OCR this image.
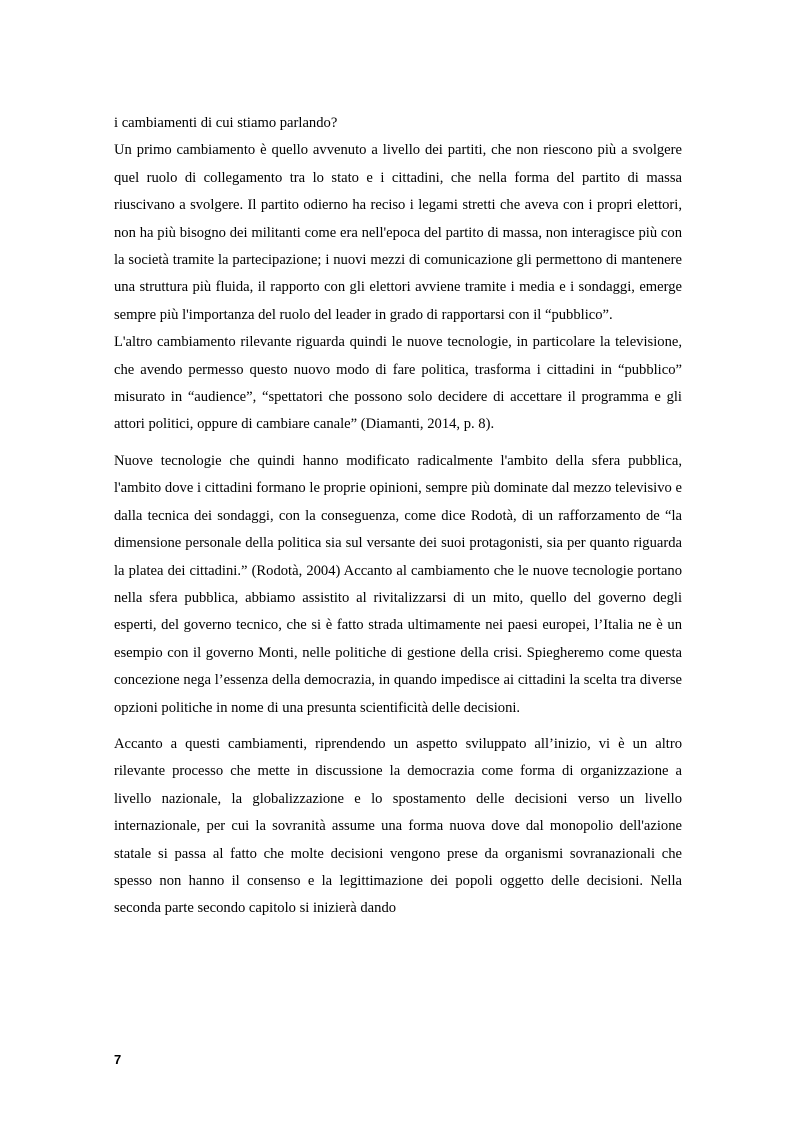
i cambiamenti di cui stiamo parlando?

Un primo cambiamento è quello avvenuto a livello dei partiti, che non riescono più a svolgere quel ruolo di collegamento tra lo stato e i cittadini, che nella forma del partito di massa riuscivano a svolgere. Il partito odierno ha reciso i legami stretti che aveva con i propri elettori, non ha più bisogno dei militanti come era nell'epoca del partito di massa, non interagisce più con la società tramite la partecipazione; i nuovi mezzi di comunicazione gli permettono di mantenere una struttura più fluida, il rapporto con gli elettori avviene tramite i media e i sondaggi, emerge sempre più l'importanza del ruolo del leader in grado di rapportarsi con il “pubblico”.

L'altro cambiamento rilevante riguarda quindi le nuove tecnologie, in particolare la televisione, che avendo permesso questo nuovo modo di fare politica, trasforma i cittadini in “pubblico” misurato in “audience”, “spettatori che possono solo decidere di accettare il programma e gli attori politici, oppure di cambiare canale” (Diamanti, 2014, p. 8).

Nuove tecnologie che quindi hanno modificato radicalmente l'ambito della sfera pubblica, l'ambito dove i cittadini formano le proprie opinioni, sempre più dominate dal mezzo televisivo e dalla tecnica dei sondaggi, con la conseguenza, come dice Rodotà, di un rafforzamento de “la dimensione personale della politica sia sul versante dei suoi protagonisti, sia per quanto riguarda la platea dei cittadini.” (Rodotà, 2004) Accanto al cambiamento che le nuove tecnologie portano nella sfera pubblica, abbiamo assistito al rivitalizzarsi di un mito, quello del governo degli esperti, del governo tecnico, che si è fatto strada ultimamente nei paesi europei, l’Italia ne è un esempio con il governo Monti, nelle politiche di gestione della crisi. Spiegheremo come questa concezione nega l’essenza della democrazia, in quando impedisce ai cittadini la scelta tra diverse opzioni politiche in nome di una presunta scientificità delle decisioni.

Accanto a questi cambiamenti, riprendendo un aspetto sviluppato all’inizio, vi è un altro rilevante processo che mette in discussione la democrazia come forma di organizzazione a livello nazionale, la globalizzazione e lo spostamento delle decisioni verso un livello internazionale, per cui la sovranità assume una forma nuova dove dal monopolio dell'azione statale si passa al fatto che molte decisioni vengono prese da organismi sovranazionali che spesso non hanno il consenso e la legittimazione dei popoli oggetto delle decisioni. Nella seconda parte secondo capitolo si inizierà dando

7
